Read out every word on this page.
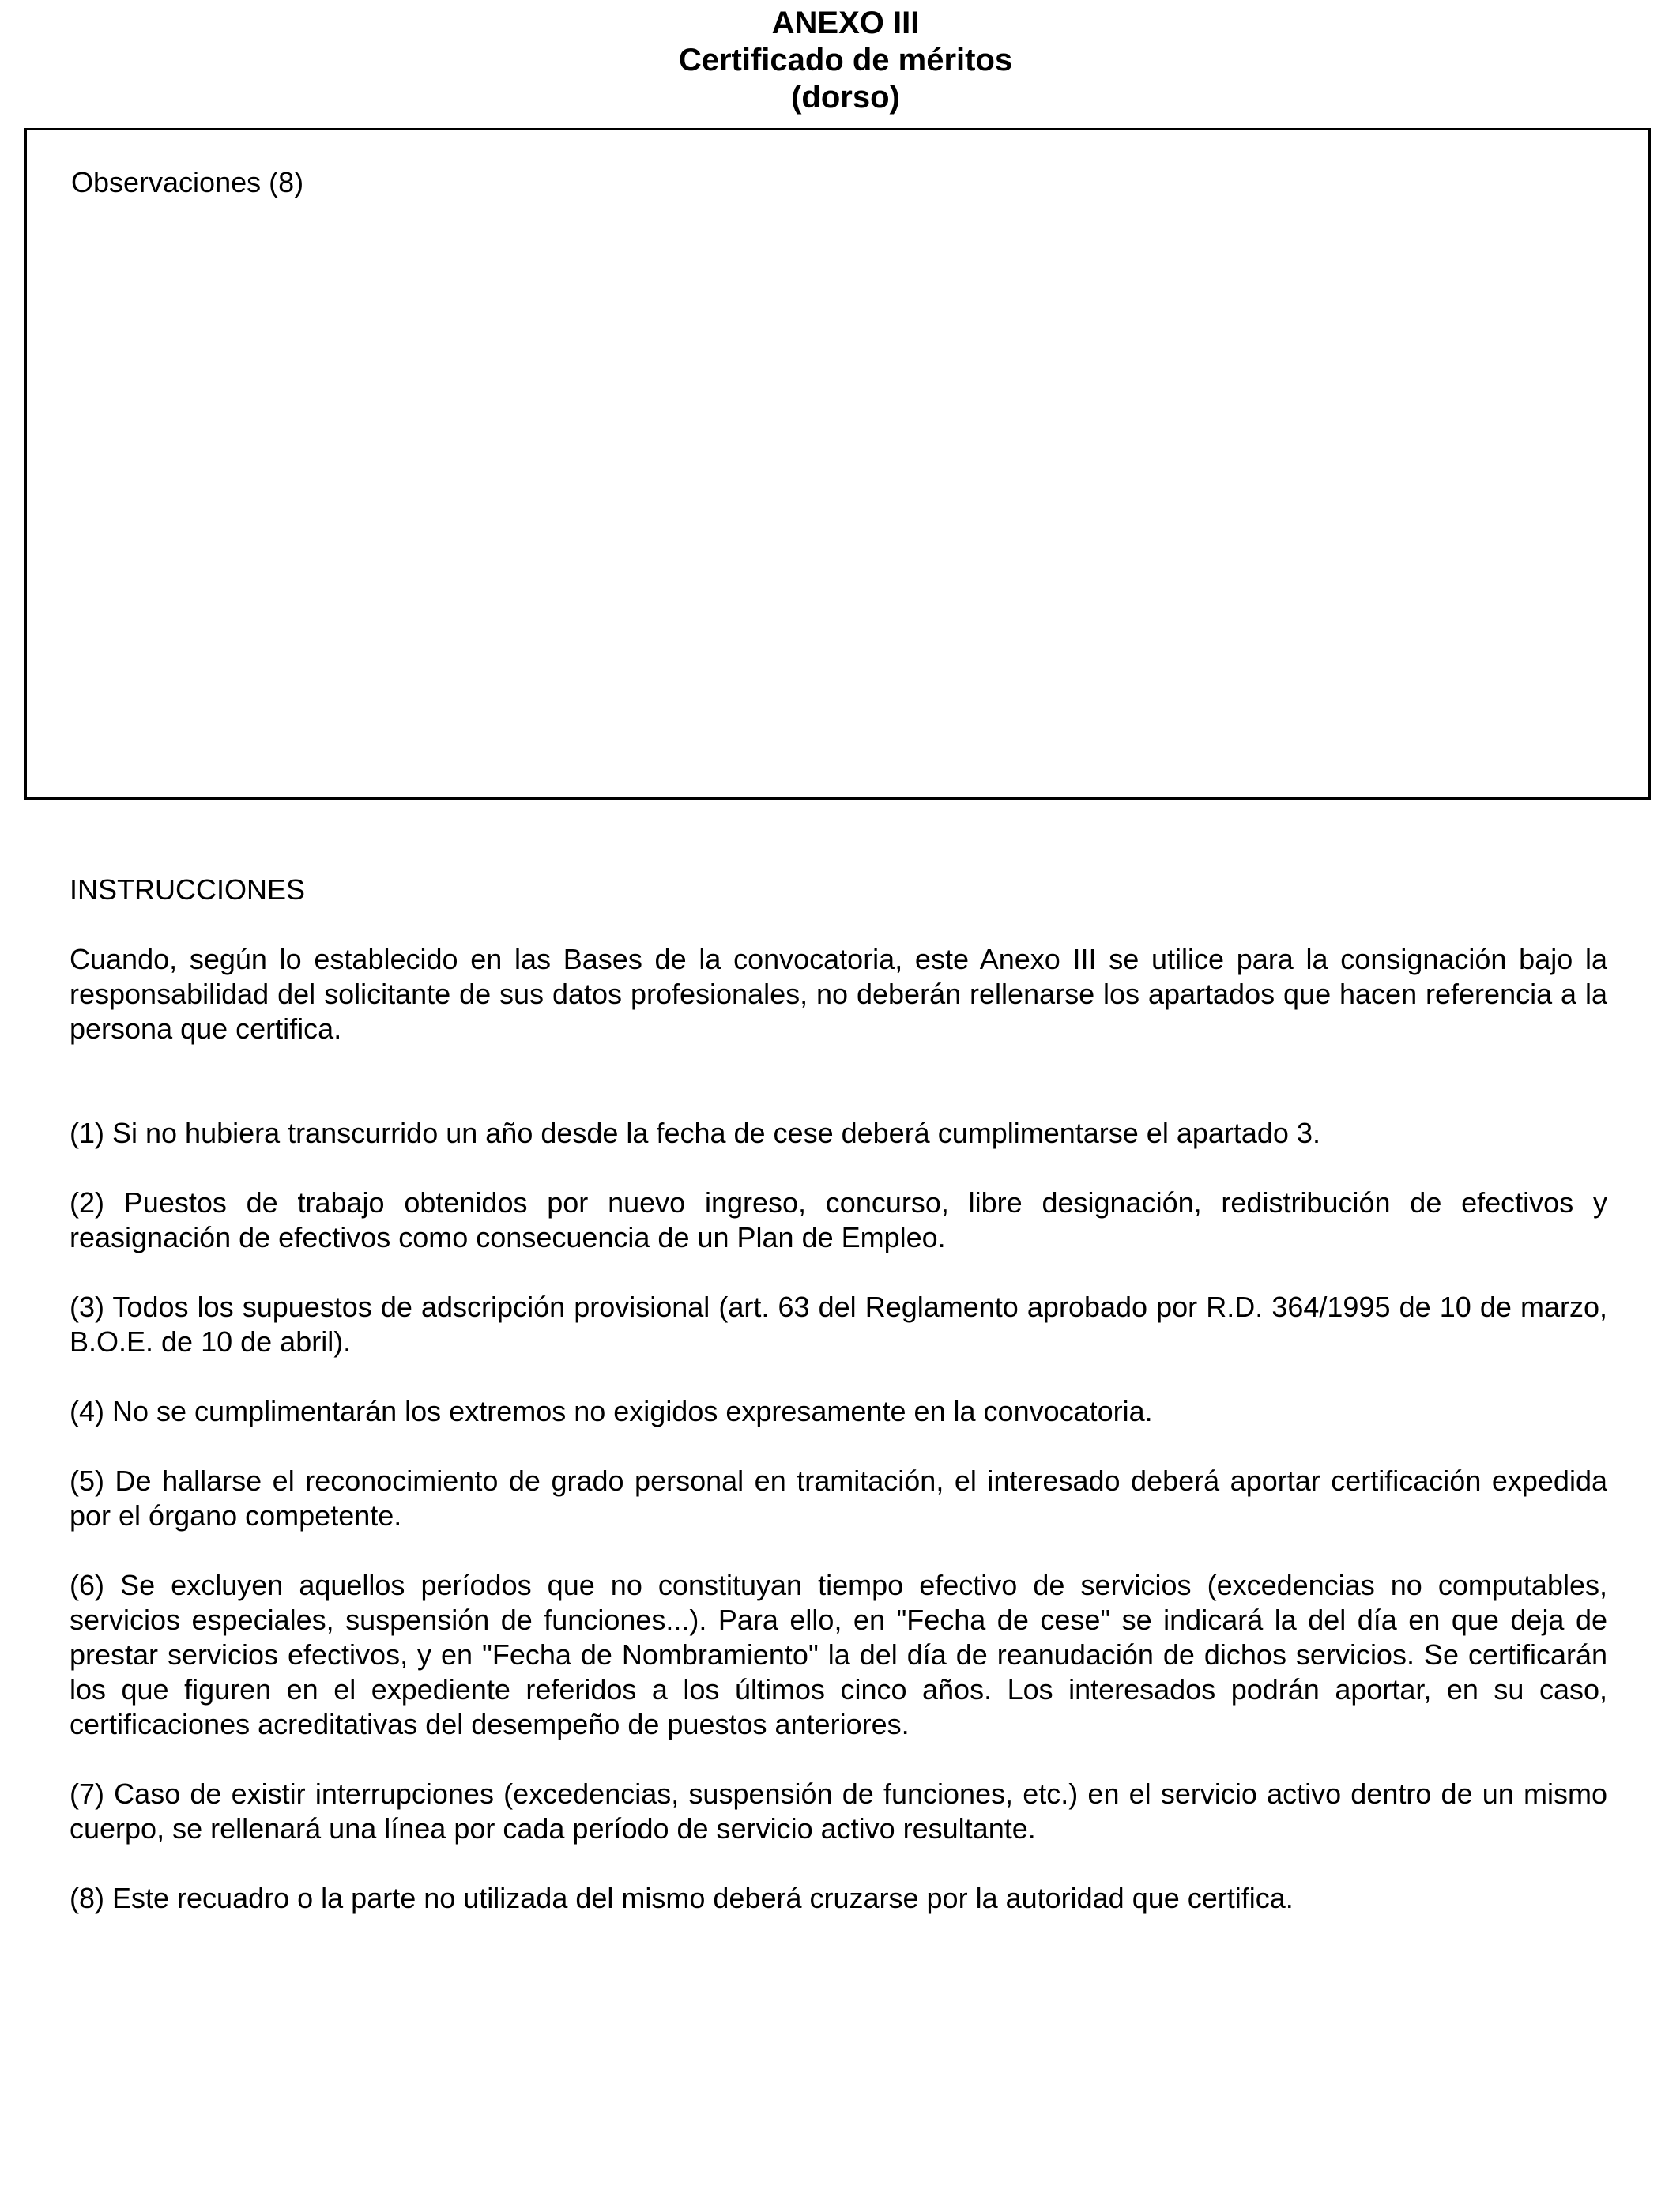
ANEXO III
Certificado de méritos
(dorso)
Observaciones (8)
INSTRUCCIONES

Cuando, según lo establecido en las Bases de la convocatoria, este Anexo III se utilice para la consignación bajo la responsabilidad del solicitante de sus datos profesionales, no deberán rellenarse los apartados que hacen referencia a la persona que certifica.

(1) Si no hubiera transcurrido un año desde la fecha de cese deberá cumplimentarse el apartado 3.

(2) Puestos de trabajo obtenidos por nuevo ingreso, concurso, libre designación, redistribución de efectivos y reasignación de efectivos como consecuencia de un Plan de Empleo.

(3) Todos los supuestos de adscripción provisional (art. 63 del Reglamento aprobado por R.D. 364/1995 de 10 de marzo, B.O.E. de 10 de abril).

(4) No se cumplimentarán los extremos no exigidos expresamente en la convocatoria.

(5) De hallarse el reconocimiento de grado personal en tramitación, el interesado deberá aportar certificación expedida por el órgano competente.

(6) Se excluyen aquellos períodos que no constituyan tiempo efectivo de servicios (excedencias no computables, servicios especiales, suspensión de funciones...). Para ello, en "Fecha de cese" se indicará la del día en que deja de prestar servicios efectivos, y en "Fecha de Nombramiento" la del día de reanudación de dichos servicios. Se certificarán los que figuren en el expediente referidos a los últimos cinco años. Los interesados podrán aportar, en su caso, certificaciones acreditativas del desempeño de puestos anteriores.

(7) Caso de existir interrupciones (excedencias, suspensión de funciones, etc.) en el servicio activo dentro de un mismo cuerpo, se rellenará una línea por cada período de servicio activo resultante.

(8) Este recuadro o la parte no utilizada del mismo deberá cruzarse por la autoridad que certifica.
